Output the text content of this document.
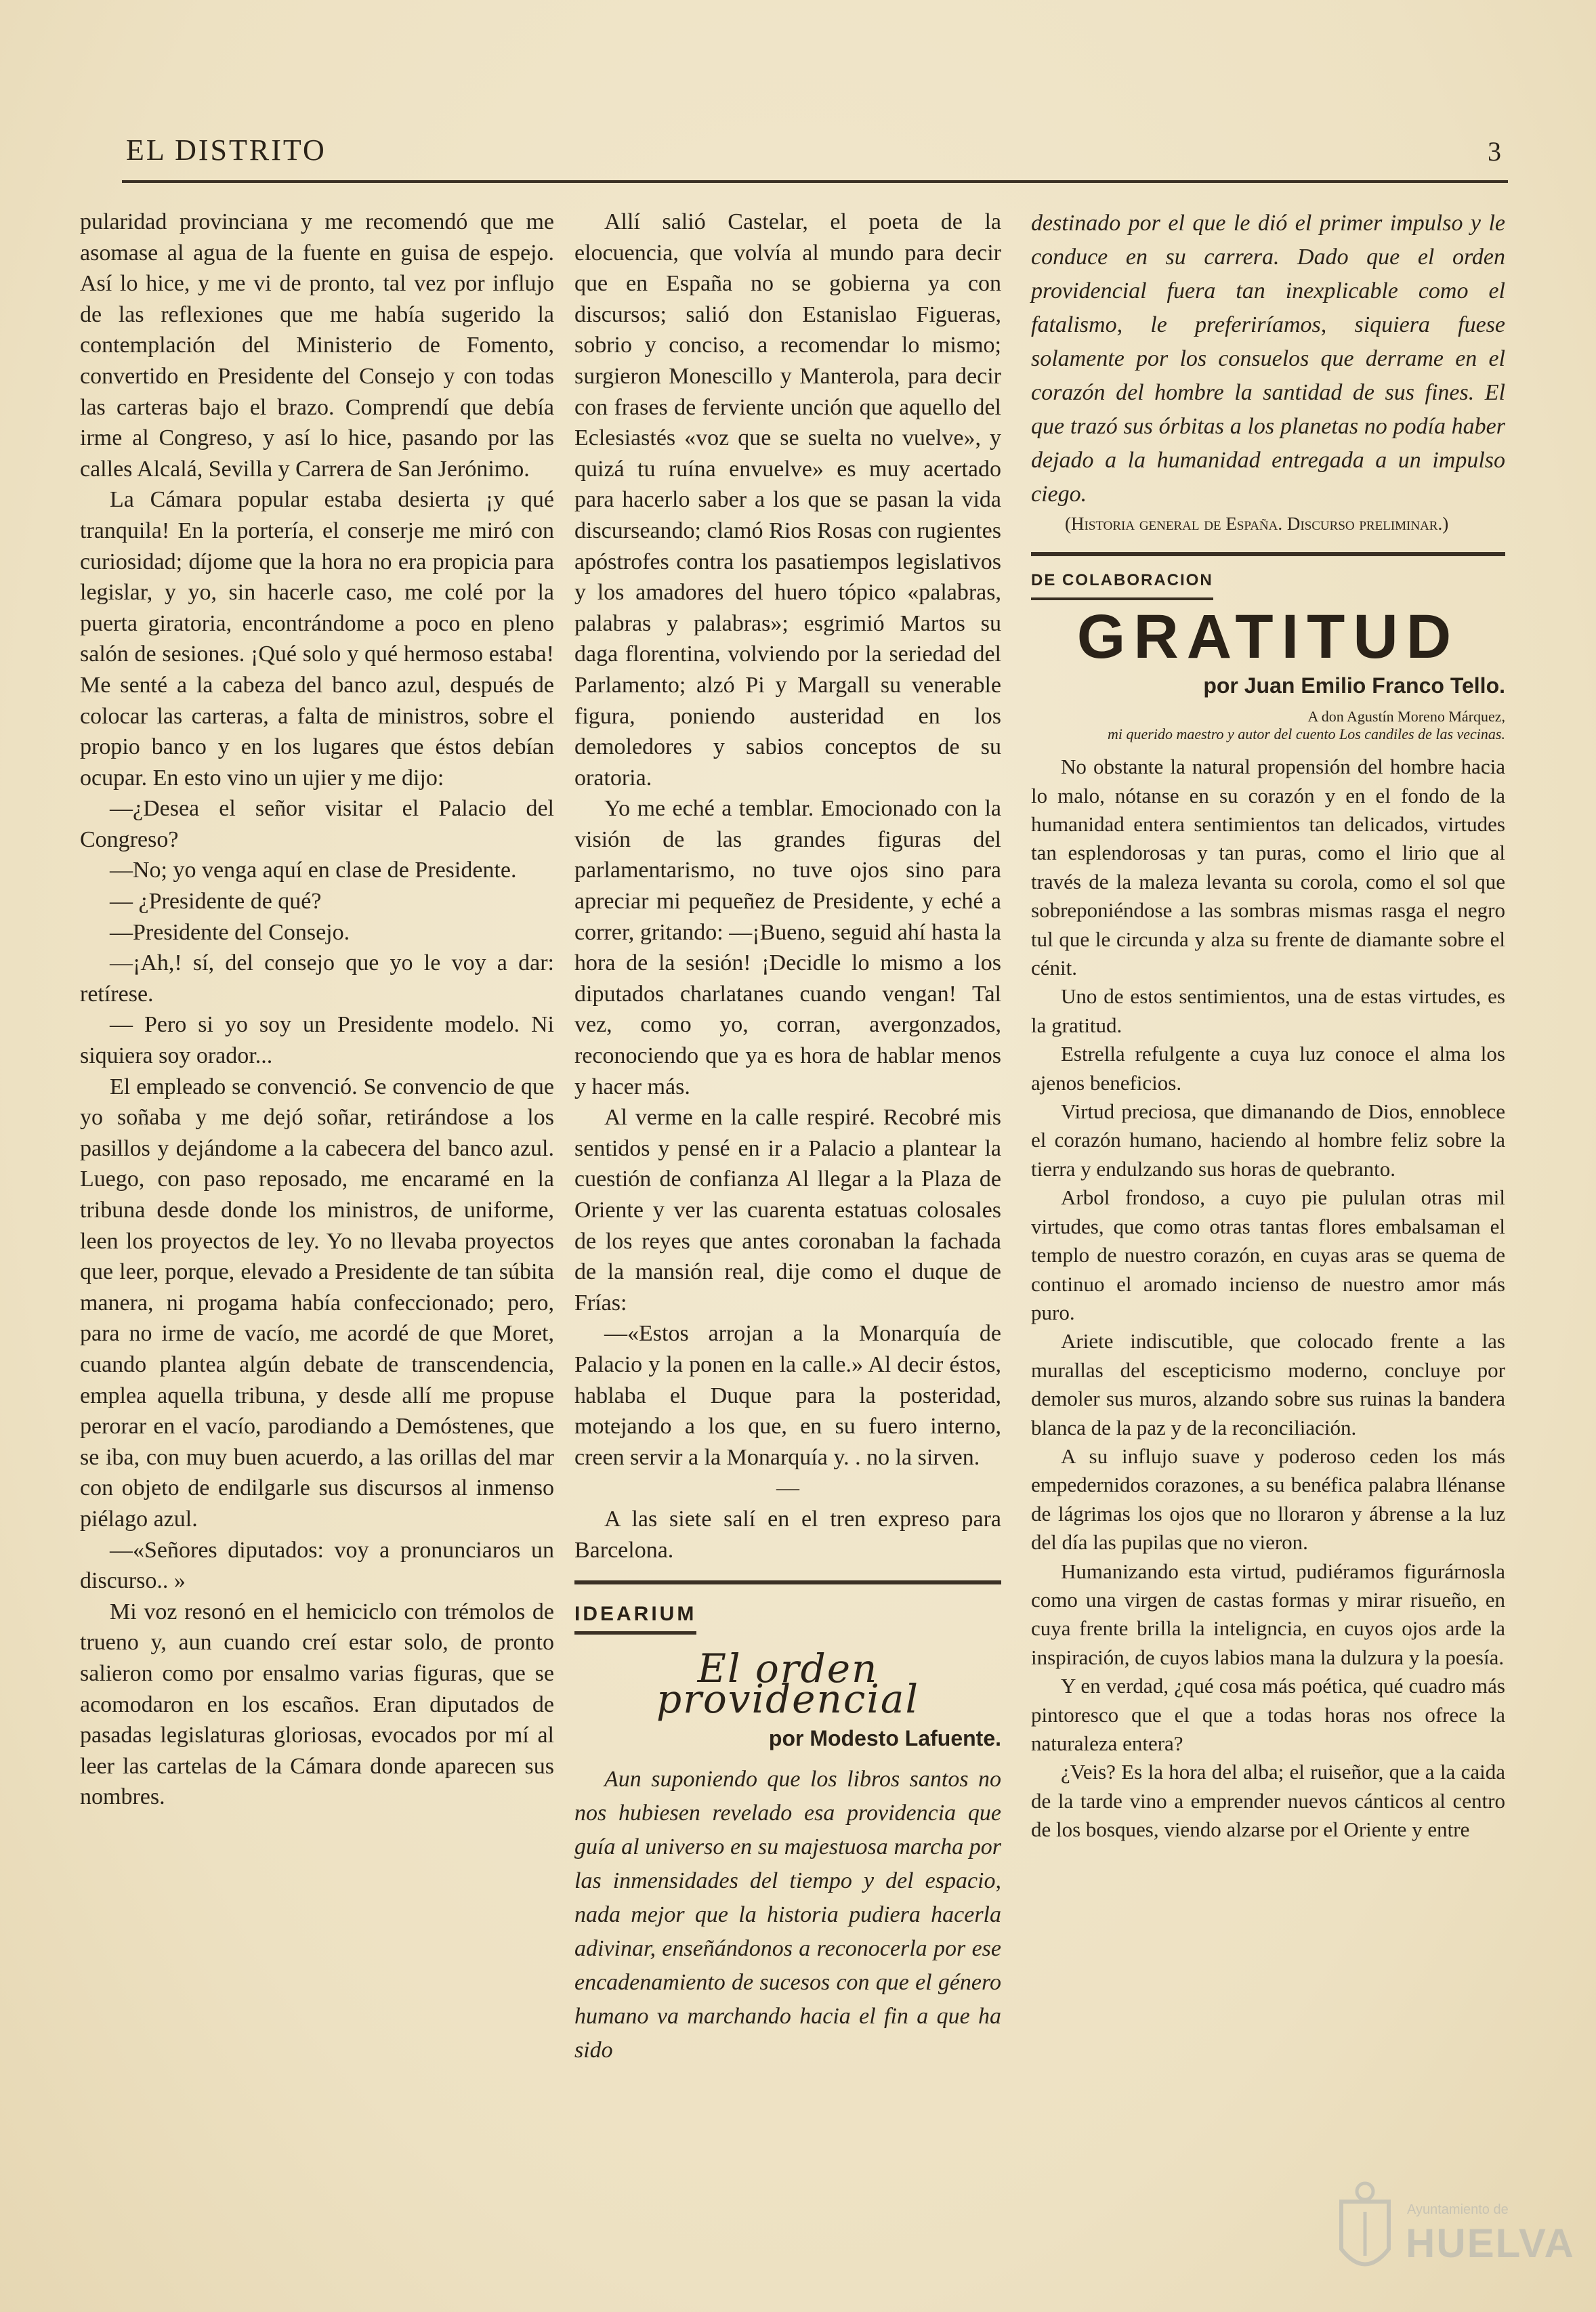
EL DISTRITO	3

pularidad provinciana y me recomendó que me asomase al agua de la fuente en guisa de espejo. Así lo hice, y me vi de pronto, tal vez por influjo de las reflexiones que me había sugerido la contemplación del Ministerio de Fomento, convertido en Presidente del Consejo y con todas las carteras bajo el brazo. Comprendí que debía irme al Congreso, y así lo hice, pasando por las calles Alcalá, Sevilla y Carrera de San Jerónimo.

La Cámara popular estaba desierta ¡y qué tranquila! En la portería, el conserje me miró con curiosidad; díjome que la hora no era propicia para legislar, y yo, sin hacerle caso, me colé por la puerta giratoria, encontrándome a poco en pleno salón de sesiones. ¡Qué solo y qué hermoso estaba! Me senté a la cabeza del banco azul, después de colocar las carteras, a falta de ministros, sobre el propio banco y en los lugares que éstos debían ocupar. En esto vino un ujier y me dijo:

—¿Desea el señor visitar el Palacio del Congreso?

—No; yo venga aquí en clase de Presidente.

— ¿Presidente de qué?

—Presidente del Consejo.

—¡Ah,! sí, del consejo que yo le voy a dar: retírese.

— Pero si yo soy un Presidente modelo. Ni siquiera soy orador...

El empleado se convenció. Se convencio de que yo soñaba y me dejó soñar, retirándose a los pasillos y dejándome a la cabecera del banco azul. Luego, con paso reposado, me encaramé en la tribuna desde donde los ministros, de uniforme, leen los proyectos de ley. Yo no llevaba proyectos que leer, porque, elevado a Presidente de tan súbita manera, ni progama había confeccionado; pero, para no irme de vacío, me acordé de que Moret, cuando plantea algún debate de transcendencia, emplea aquella tribuna, y desde allí me propuse perorar en el vacío, parodiando a Demóstenes, que se iba, con muy buen acuerdo, a las orillas del mar con objeto de endilgarle sus discursos al inmenso piélago azul.

—«Señores diputados: voy a pronunciaros un discurso.. »

Mi voz resonó en el hemiciclo con trémolos de trueno y, aun cuando creí estar solo, de pronto salieron como por ensalmo varias figuras, que se acomodaron en los escaños. Eran diputados de pasadas legislaturas gloriosas, evocados por mí al leer las cartelas de la Cámara donde aparecen sus nombres.

Allí salió Castelar, el poeta de la elocuencia, que volvía al mundo para decir que en España no se gobierna ya con discursos; salió don Estanislao Figueras, sobrio y conciso, a recomendar lo mismo; surgieron Monescillo y Manterola, para decir con frases de ferviente unción que aquello del Eclesiastés «voz que se suelta no vuelve», y quizá tu ruína envuelve» es muy acertado para hacerlo saber a los que se pasan la vida discurseando; clamó Rios Rosas con rugientes apóstrofes contra los pasatiempos legislativos y los amadores del huero tópico «palabras, palabras y palabras»; esgrimió Martos su daga florentina, volviendo por la seriedad del Parlamento; alzó Pi y Margall su venerable figura, poniendo austeridad en los demoledores y sabios conceptos de su oratoria.

Yo me eché a temblar. Emocionado con la visión de las grandes figuras del parlamentarismo, no tuve ojos sino para apreciar mi pequeñez de Presidente, y eché a correr, gritando: —¡Bueno, seguid ahí hasta la hora de la sesión! ¡Decidle lo mismo a los diputados charlatanes cuando vengan! Tal vez, como yo, corran, avergonzados, reconociendo que ya es hora de hablar menos y hacer más.

Al verme en la calle respiré. Recobré mis sentidos y pensé en ir a Palacio a plantear la cuestión de confianza Al llegar a la Plaza de Oriente y ver las cuarenta estatuas colosales de los reyes que antes coronaban la fachada de la mansión real, dije como el duque de Frías:

—«Estos arrojan a la Monarquía de Palacio y la ponen en la calle.» Al decir éstos, hablaba el Duque para la posteridad, motejando a los que, en su fuero interno, creen servir a la Monarquía y. . no la sirven.

—

A las siete salí en el tren expreso para Barcelona.

IDEARIUM
El orden providencial
por Modesto Lafuente.

Aun suponiendo que los libros santos no nos hubiesen revelado esa providencia que guía al universo en su majestuosa marcha por las inmensidades del tiempo y del espacio, nada mejor que la historia pudiera hacerla adivinar, enseñándonos a reconocerla por ese encadenamiento de sucesos con que el género humano va marchando hacia el fin a que ha sido

destinado por el que le dió el primer impulso y le conduce en su carrera. Dado que el orden providencial fuera tan inexplicable como el fatalismo, le preferiríamos, siquiera fuese solamente por los consuelos que derrame en el corazón del hombre la santidad de sus fines. El que trazó sus órbitas a los planetas no podía haber dejado a la humanidad entregada a un impulso ciego.

(Historia general de España. Discurso preliminar.)

DE COLABORACION
GRATITUD
por Juan Emilio Franco Tello.
A don Agustín Moreno Márquez,
mi querido maestro y autor del cuento Los candiles de las vecinas.

No obstante la natural propensión del hombre hacia lo malo, nótanse en su corazón y en el fondo de la humanidad entera sentimientos tan delicados, virtudes tan esplendorosas y tan puras, como el lirio que al través de la maleza levanta su corola, como el sol que sobreponiéndose a las sombras mismas rasga el negro tul que le circunda y alza su frente de diamante sobre el cénit.

Uno de estos sentimientos, una de estas virtudes, es la gratitud.

Estrella refulgente a cuya luz conoce el alma los ajenos beneficios.

Virtud preciosa, que dimanando de Dios, ennoblece el corazón humano, haciendo al hombre feliz sobre la tierra y endulzando sus horas de quebranto.

Arbol frondoso, a cuyo pie pululan otras mil virtudes, que como otras tantas flores embalsaman el templo de nuestro corazón, en cuyas aras se quema de continuo el aromado incienso de nuestro amor más puro.

Ariete indiscutible, que colocado frente a las murallas del escepticismo moderno, concluye por demoler sus muros, alzando sobre sus ruinas la bandera blanca de la paz y de la reconciliación.

A su influjo suave y poderoso ceden los más empedernidos corazones, a su benéfica palabra llénanse de lágrimas los ojos que no lloraron y ábrense a la luz del día las pupilas que no vieron.

Humanizando esta virtud, pudiéramos figurárnosla como una virgen de castas formas y mirar risueño, en cuya frente brilla la inteligncia, en cuyos ojos arde la inspiración, de cuyos labios mana la dulzura y la poesía.

Y en verdad, ¿qué cosa más poética, qué cuadro más pintoresco que el que a todas horas nos ofrece la naturaleza entera?

¿Veis? Es la hora del alba; el ruiseñor, que a la caida de la tarde vino a emprender nuevos cánticos al centro de los bosques, viendo alzarse por el Oriente y entre

Ayuntamiento de
HUELVA
